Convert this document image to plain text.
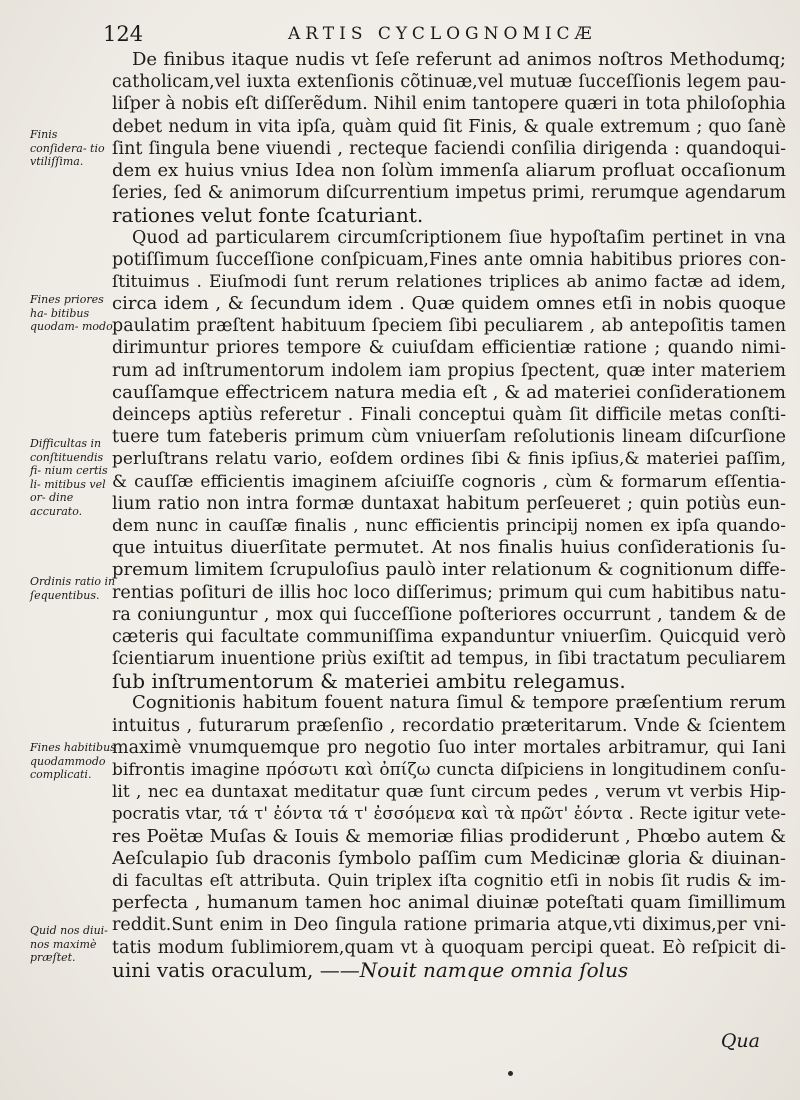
124	ARTIS CYCLOGNOMICÆ
Finis conſidera- tio vtiliſſima.
Fines priores ha- bitibus quodam- modo.
Difficultas in conſtituendis fi- nium certis li- mitibus vel or- dine accurato.
Ordinis ratio in ſequentibus.
Fines habitibus quodammodo complicati.
Quid nos diui- nos maximè præſtet.
De finibus itaque nudis vt ſeſe referunt ad animos noſtros Methodumq;
catholicam,vel iuxta extenſionis cõtinuæ,vel mutuæ ſucceſſionis legem pau-
liſper à nobis eſt diſſerẽdum. Nihil enim tantopere quæri in tota philoſophia
debet nedum in vita ipſa, quàm quid ſit Finis, & quale extremum ; quo ſanè
ſint ſingula bene viuendi , recteque faciendi conſilia dirigenda : quandoqui-
dem ex huius vnius Idea non ſolùm immenſa aliarum profluat occaſionum
ſeries, ſed & animorum diſcurrentium impetus primi, rerumque agendarum
rationes velut fonte ſcaturiant.
Quod ad particularem circumſcriptionem ſiue hypoſtaſim pertinet in vna
potiſſimum ſucceſſione conſpicuam,Fines ante omnia habitibus priores con-
ſtituimus . Eiuſmodi ſunt rerum relationes triplices ab animo factæ ad idem,
circa idem , & ſecundum idem . Quæ quidem omnes etſi in nobis quoque
paulatim præſtent habituum ſpeciem ſibi peculiarem , ab antepoſitis tamen
dirimuntur priores tempore & cuiuſdam efficientiæ ratione ; quando nimi-
rum ad inſtrumentorum indolem iam propius ſpectent, quæ inter materiem
cauſſamque effectricem natura media eſt , & ad materiei conſiderationem
deinceps aptiùs referetur . Finali conceptui quàm ſit difficile metas conſti-
tuere tum fateberis primum cùm vniuerſam reſolutionis lineam diſcurſione
perluſtrans relatu vario, eoſdem ordines ſibi & finis ipſius,& materiei paſſim,
& cauſſæ efficientis imaginem aſciuiſſe cognoris , cùm & formarum eſſentia-
lium ratio non intra formæ duntaxat habitum perſeueret ; quin potiùs eun-
dem nunc in cauſſæ finalis , nunc efficientis principij nomen ex ipſa quando-
que intuitus diuerſitate permutet. At nos finalis huius conſiderationis ſu-
premum limitem ſcrupuloſius paulò inter relationum & cognitionum diffe-
rentias poſituri de illis hoc loco diſſerimus; primum qui cum habitibus natu-
ra coniunguntur , mox qui ſucceſſione poſteriores occurrunt , tandem & de
cæteris qui facultate communiſſima expanduntur vniuerſim. Quicquid verò
ſcientiarum inuentione priùs exiſtit ad tempus, in ſibi tractatum peculiarem
ſub inſtrumentorum & materiei ambitu relegamus.
Cognitionis habitum fouent natura ſimul & tempore præſentium rerum
intuitus , futurarum præſenſio , recordatio præteritarum. Vnde & ſcientem
maximè vnumquemque pro negotio ſuo inter mortales arbitramur, qui Iani
bifrontis imagine πρόσωτι καὶ ὀπίζω cuncta diſpiciens in longitudinem conſu-
lit , nec ea duntaxat meditatur quæ ſunt circum pedes , verum vt verbis Hip-
pocratis vtar, τά τ' ἐόντα τά τ' ἐσσόμενα καὶ τὰ πρῶτ' ἐόντα . Recte igitur vete-
res Poëtæ Muſas & Iouis & memoriæ filias prodiderunt , Phœbo autem &
Aeſculapio ſub draconis ſymbolo paſſim cum Medicinæ gloria & diuinan-
di facultas eſt attributa. Quin triplex iſta cognitio etſi in nobis ſit rudis & im-
perfecta , humanum tamen hoc animal diuinæ poteſtati quam ſimillimum
reddit.Sunt enim in Deo ſingula ratione primaria atque,vti diximus,per vni-
tatis modum ſublimiorem,quam vt à quoquam percipi queat. Eò reſpicit di-
uini vatis oraculum, ——Nouit namque omnia ſolus
Qua
